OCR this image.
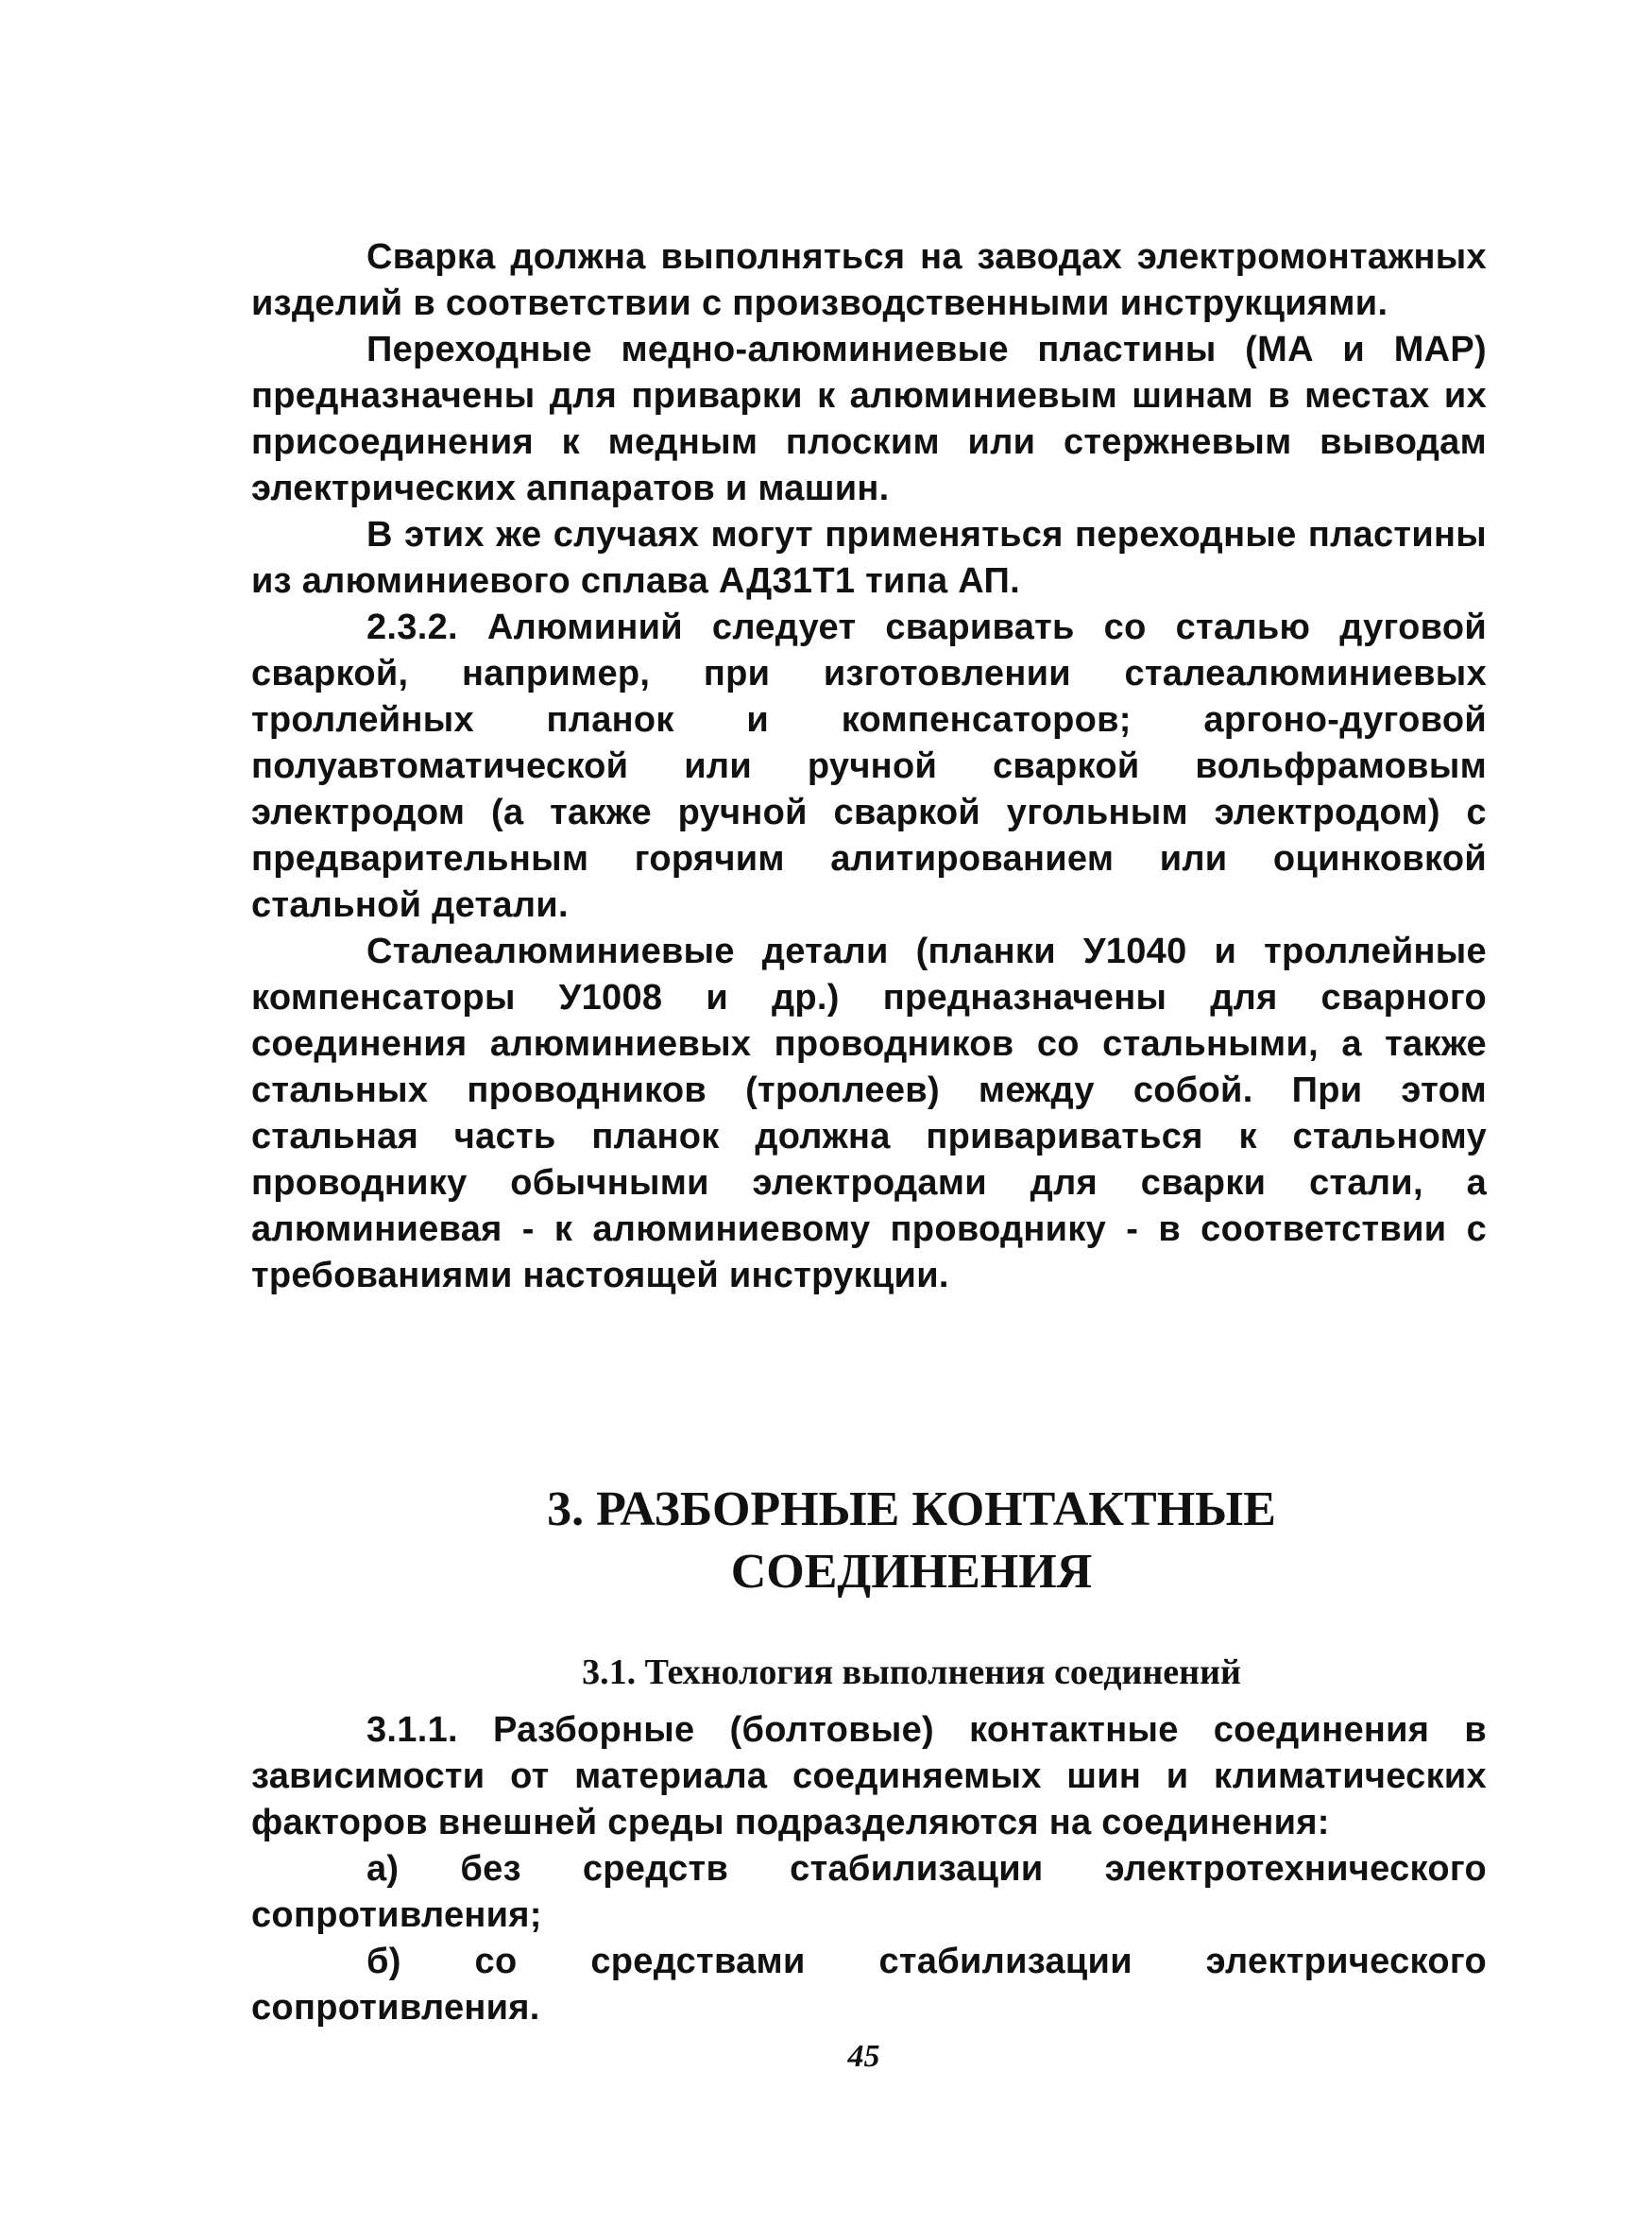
Сварка должна выполняться на заводах электромонтажных изделий в соответствии с производственными инструкциями.

Переходные медно-алюминиевые пластины (МА и МАР) предназначены для приварки к алюминиевым шинам в местах их присоединения к медным плоским или стержневым выводам электрических аппаратов и машин.

В этих же случаях могут применяться переходные пластины из алюминиевого сплава АД31Т1 типа АП.

2.3.2. Алюминий следует сваривать со сталью дуговой сваркой, например, при изготовлении сталеалюминиевых троллейных планок и компенсаторов; аргоно-дуговой полуавтоматической или ручной сваркой вольфрамовым электродом (а также ручной сваркой угольным электродом) с предварительным горячим алитированием или оцинковкой стальной детали.

Сталеалюминиевые детали (планки У1040 и троллейные компенсаторы У1008 и др.) предназначены для сварного соединения алюминиевых проводников со стальными, а также стальных проводников (троллеев) между собой. При этом стальная часть планок должна привариваться к стальному проводнику обычными электродами для сварки стали, а алюминиевая - к алюминиевому проводнику - в соответствии с требованиями настоящей инструкции.

3. РАЗБОРНЫЕ КОНТАКТНЫЕ
СОЕДИНЕНИЯ
3.1. Технология выполнения соединений

3.1.1. Разборные (болтовые) контактные соединения в зависимости от материала соединяемых шин и климатических факторов внешней среды подразделяются на соединения:

а) без средств стабилизации электротехнического сопротивления;

б) со средствами стабилизации электрического сопротивления.

45
